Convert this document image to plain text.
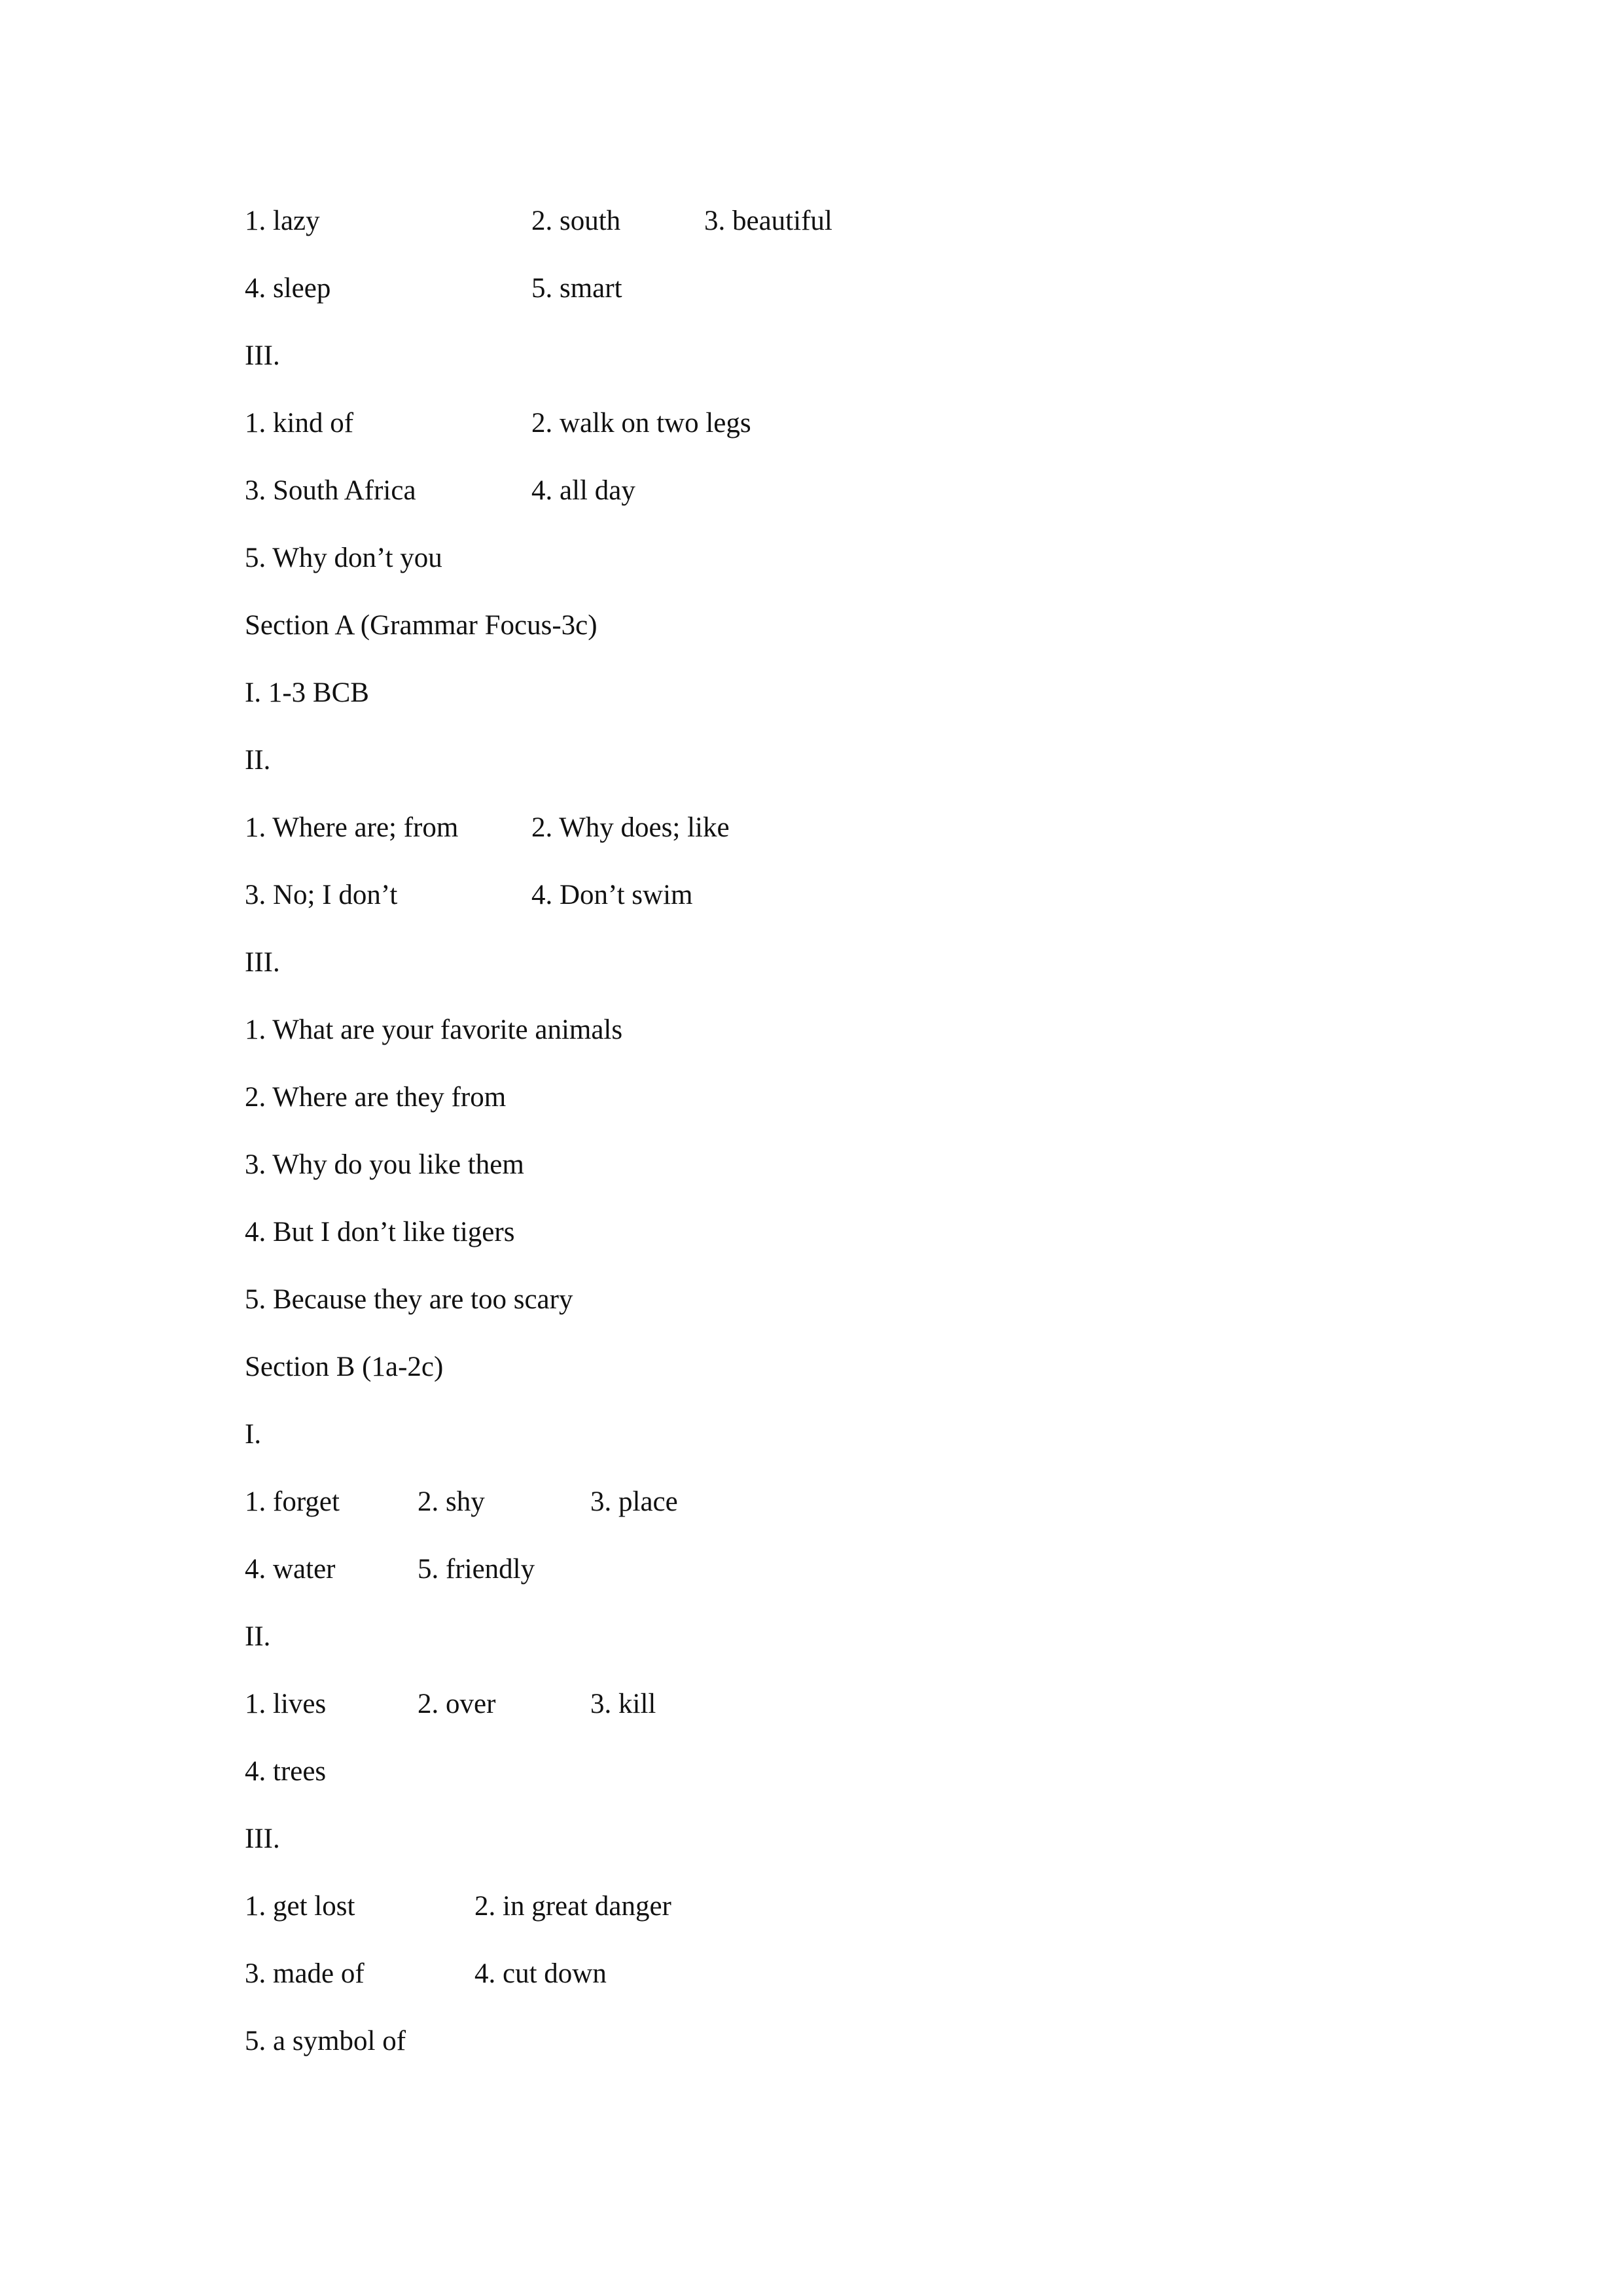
1. lazy	2. south	3. beautiful
4. sleep	5. smart
III.
1. kind of	2. walk on two legs
3. South Africa	4. all day
5. Why don’t you
Section A (Grammar Focus-3c)
I. 1-3 BCB
II.
1. Where are; from	2. Why does; like
3. No; I don’t	4. Don’t swim
III.
1. What are your favorite animals
2. Where are they from
3. Why do you like them
4. But I don’t like tigers
5. Because they are too scary
Section B (1a-2c)
I.
1. forget	2. shy	3. place
4. water	5. friendly
II.
1. lives	2. over	3. kill
4. trees
III.
1. get lost	2. in great danger
3. made of	4. cut down
5. a symbol of
